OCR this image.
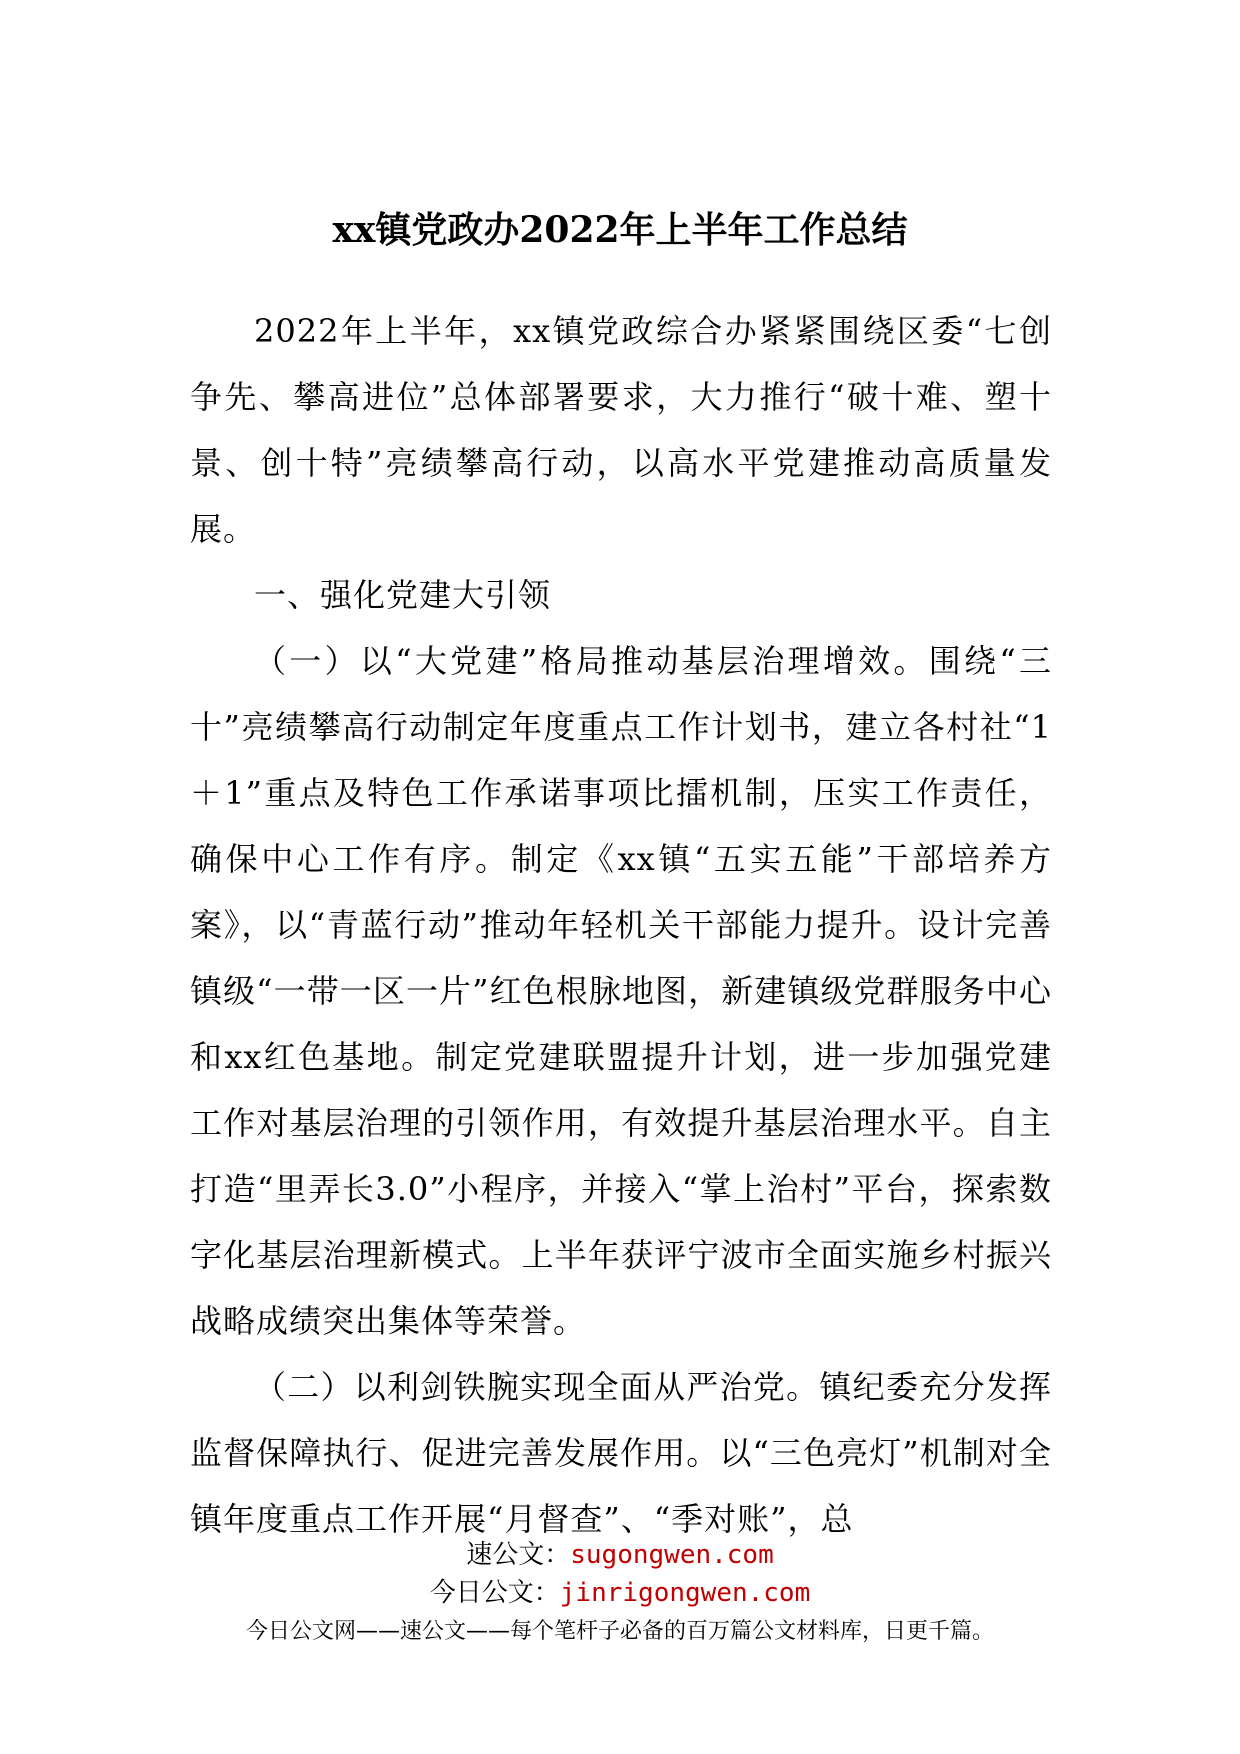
xx镇党政办2022年上半年工作总结

2022年上半年，xx镇党政综合办紧紧围绕区委“七创争先、攀高进位”总体部署要求，大力推行“破十难、塑十景、创十特”亮绩攀高行动，以高水平党建推动高质量发展。

一、强化党建大引领

（一）以“大党建”格局推动基层治理增效。围绕“三十”亮绩攀高行动制定年度重点工作计划书，建立各村社“1＋1”重点及特色工作承诺事项比擂机制，压实工作责任，确保中心工作有序。制定《xx镇“五实五能”干部培养方案》，以“青蓝行动”推动年轻机关干部能力提升。设计完善镇级“一带一区一片”红色根脉地图，新建镇级党群服务中心和xx红色基地。制定党建联盟提升计划，进一步加强党建工作对基层治理的引领作用，有效提升基层治理水平。自主打造“里弄长3.0”小程序，并接入“掌上治村”平台，探索数字化基层治理新模式。上半年获评宁波市全面实施乡村振兴战略成绩突出集体等荣誉。

（二）以利剑铁腕实现全面从严治党。镇纪委充分发挥监督保障执行、促进完善发展作用。以“三色亮灯”机制对全镇年度重点工作开展“月督查”、“季对账”，总

速公文：sugongwen.com
今日公文：jinrigongwen.com
今日公文网——速公文——每个笔杆子必备的百万篇公文材料库，日更千篇。
